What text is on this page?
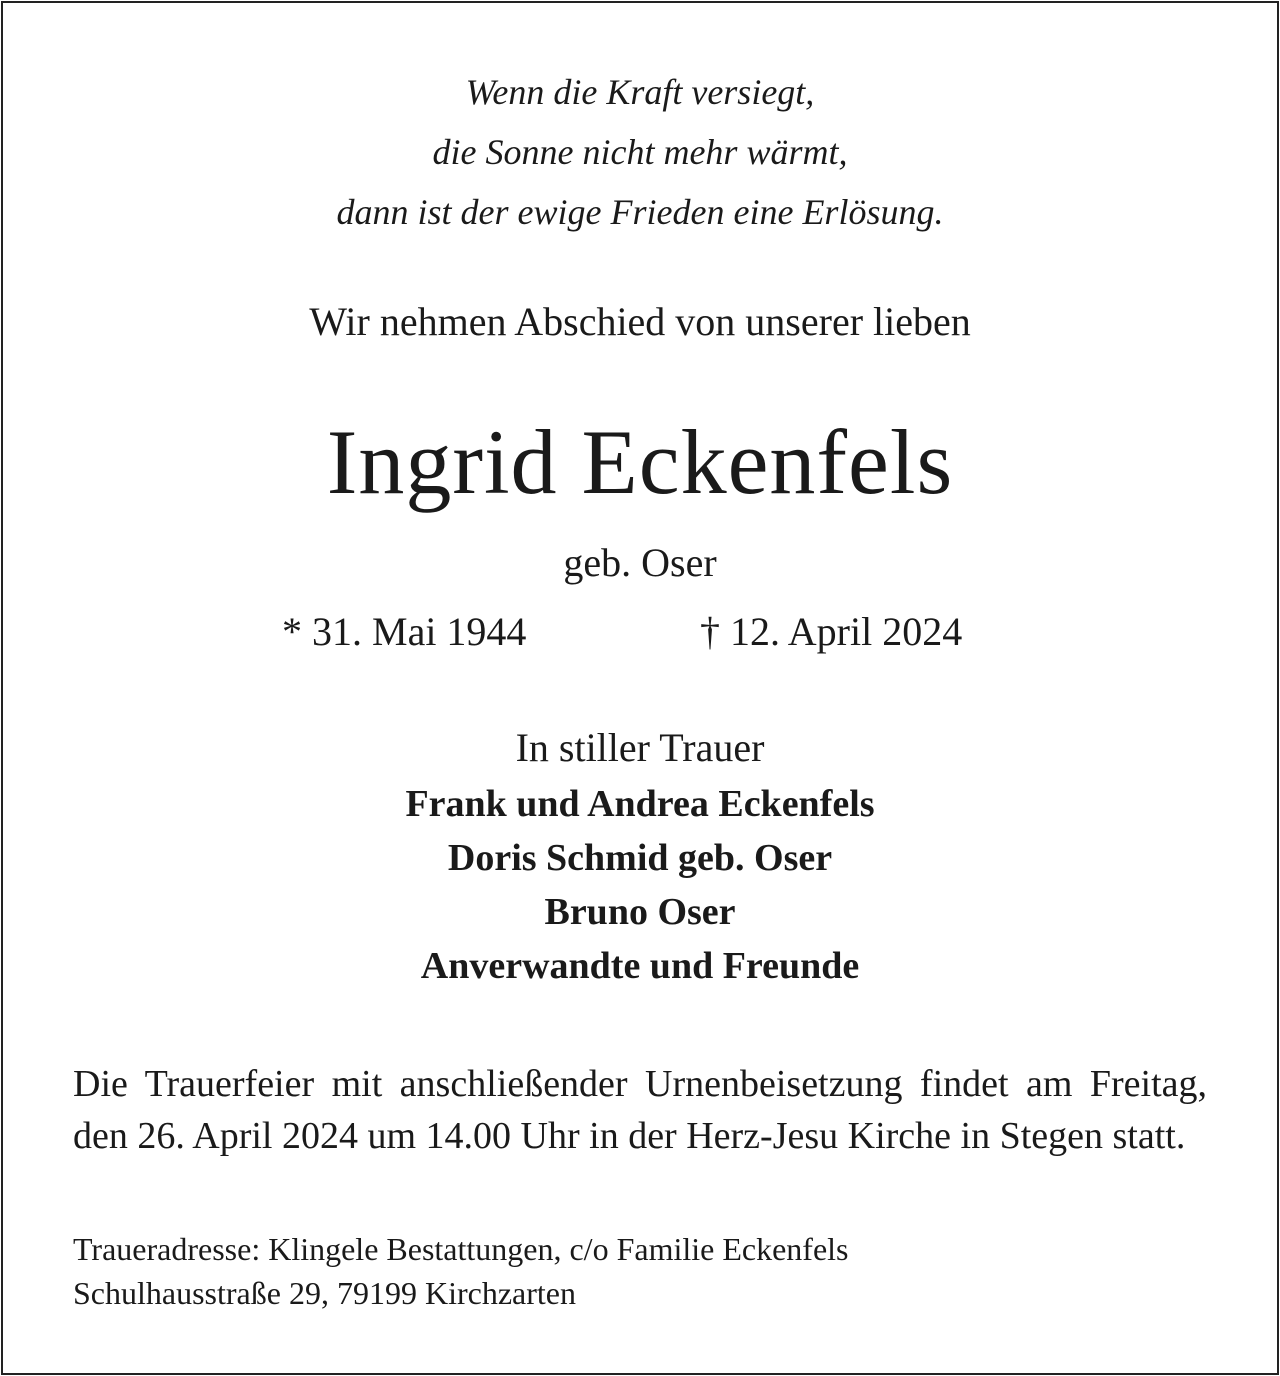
Wenn die Kraft versiegt,
die Sonne nicht mehr wärmt,
dann ist der ewige Frieden eine Erlösung.
Wir nehmen Abschied von unserer lieben
Ingrid Eckenfels
geb. Oser
* 31. Mai 1944	† 12. April 2024
In stiller Trauer
Frank und Andrea Eckenfels
Doris Schmid geb. Oser
Bruno Oser
Anverwandte und Freunde
Die Trauerfeier mit anschließender Urnenbeisetzung findet am Freitag, den 26. April 2024 um 14.00 Uhr in der Herz-Jesu Kirche in Stegen statt.
Traueradresse: Klingele Bestattungen, c/o Familie Eckenfels
Schulhausstraße 29, 79199 Kirchzarten
